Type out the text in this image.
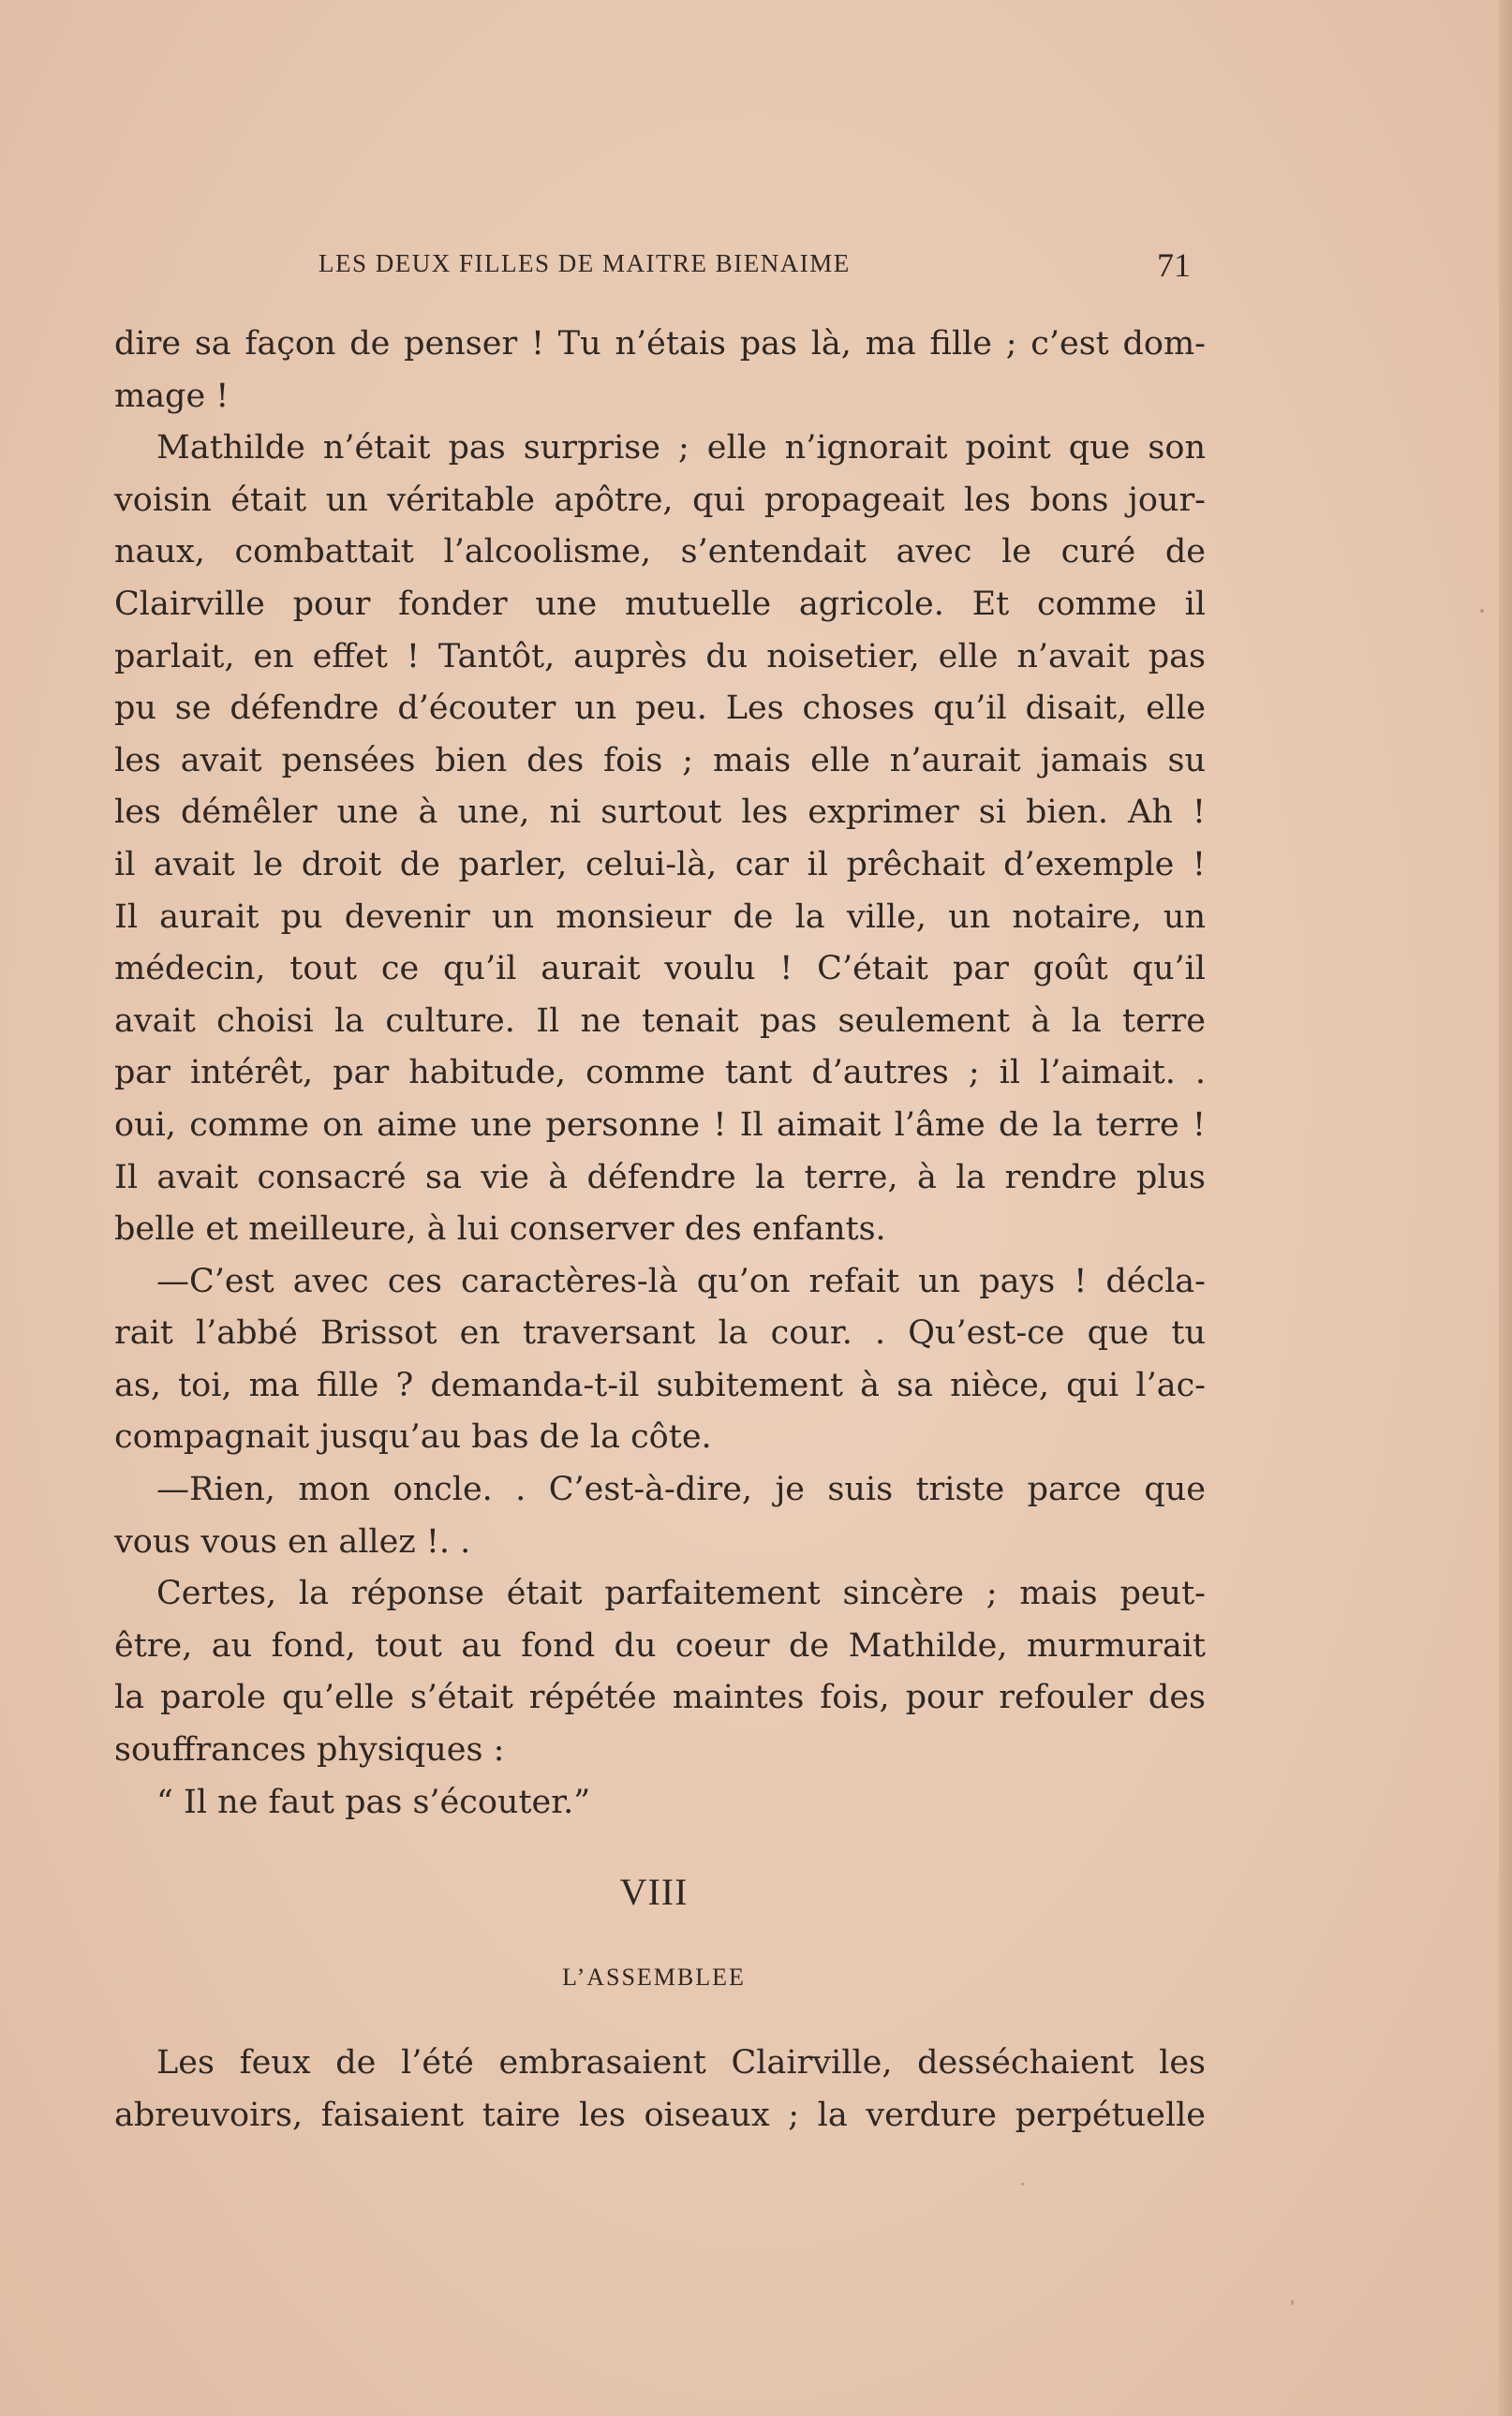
LES DEUX FILLES DE MAITRE BIENAIME	71
dire sa façon de penser ! Tu n’étais pas là, ma fille ; c’est dom-
mage !
Mathilde n’était pas surprise ; elle n’ignorait point que son
voisin était un véritable apôtre, qui propageait les bons jour-
naux, combattait l’alcoolisme, s’entendait avec le curé de
Clairville pour fonder une mutuelle agricole. Et comme il
parlait, en effet ! Tantôt, auprès du noisetier, elle n’avait pas
pu se défendre d’écouter un peu. Les choses qu’il disait, elle
les avait pensées bien des fois ; mais elle n’aurait jamais su
les démêler une à une, ni surtout les exprimer si bien. Ah !
il avait le droit de parler, celui-là, car il prêchait d’exemple !
Il aurait pu devenir un monsieur de la ville, un notaire, un
médecin, tout ce qu’il aurait voulu ! C’était par goût qu’il
avait choisi la culture. Il ne tenait pas seulement à la terre
par intérêt, par habitude, comme tant d’autres ; il l’aimait. .
oui, comme on aime une personne ! Il aimait l’âme de la terre !
Il avait consacré sa vie à défendre la terre, à la rendre plus
belle et meilleure, à lui conserver des enfants.
—C’est avec ces caractères-là qu’on refait un pays ! décla-
rait l’abbé Brissot en traversant la cour. . Qu’est-ce que tu
as, toi, ma fille ? demanda-t-il subitement à sa nièce, qui l’ac-
compagnait jusqu’au bas de la côte.
—Rien, mon oncle. . C’est-à-dire, je suis triste parce que
vous vous en allez !. .
Certes, la réponse était parfaitement sincère ; mais peut-
être, au fond, tout au fond du coeur de Mathilde, murmurait
la parole qu’elle s’était répétée maintes fois, pour refouler des
souffrances physiques :
“ Il ne faut pas s’écouter.”
VIII
L’ASSEMBLEE
Les feux de l’été embrasaient Clairville, desséchaient les
abreuvoirs, faisaient taire les oiseaux ; la verdure perpétuelle
